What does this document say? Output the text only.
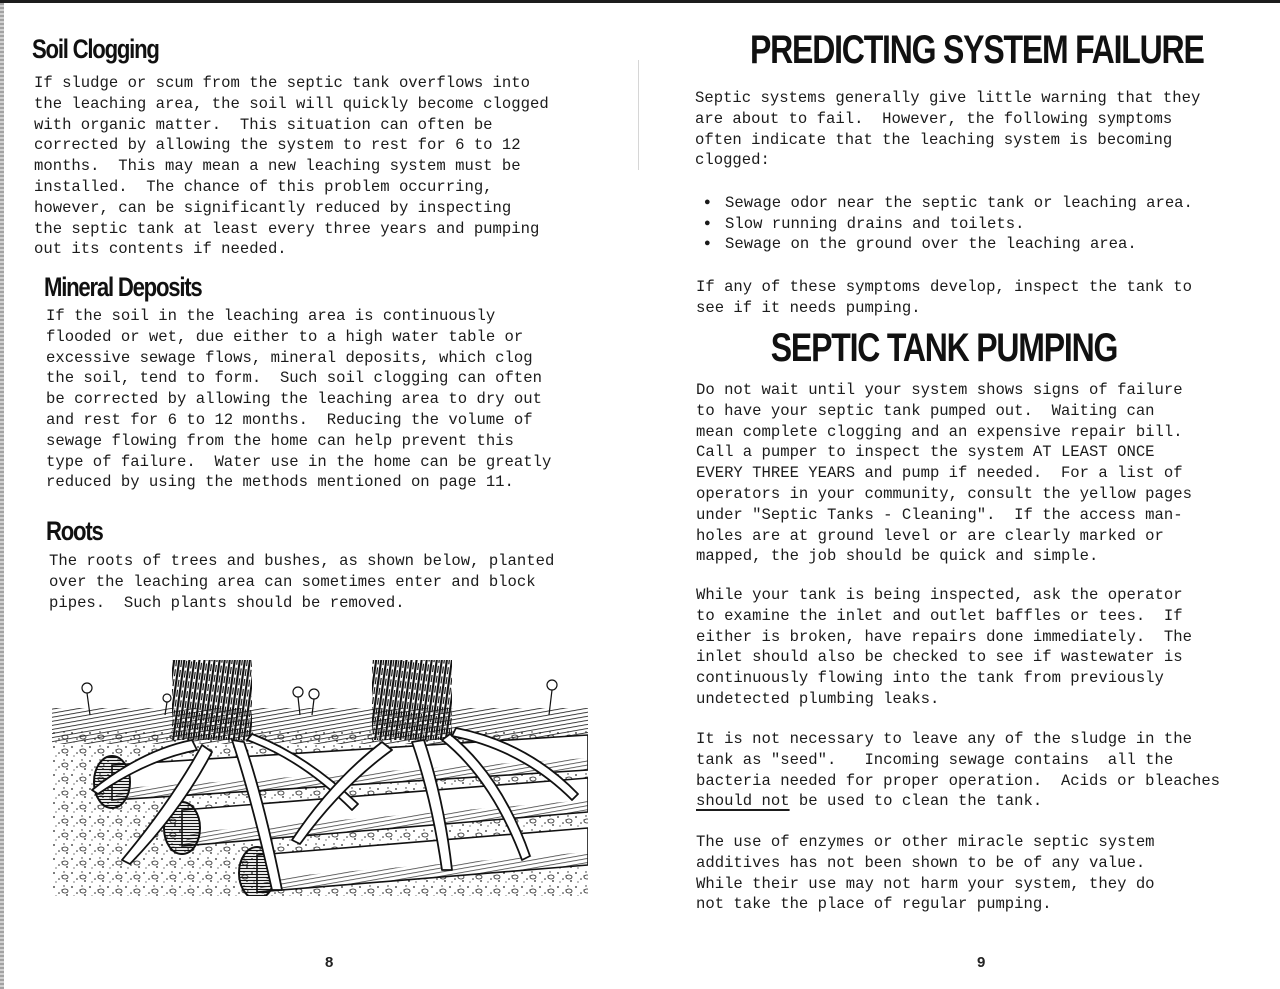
Soil Clogging

If sludge or scum from the septic tank overflows into

the leaching area, the soil will quickly become clogged

with organic matter.  This situation can often be

corrected by allowing the system to rest for 6 to 12

months.  This may mean a new leaching system must be

installed.  The chance of this problem occurring,

however, can be significantly reduced by inspecting

the septic tank at least every three years and pumping

out its contents if needed.

Mineral Deposits

If the soil in the leaching area is continuously

flooded or wet, due either to a high water table or

excessive sewage flows, mineral deposits, which clog

the soil, tend to form.  Such soil clogging can often

be corrected by allowing the leaching area to dry out

and rest for 6 to 12 months.  Reducing the volume of

sewage flowing from the home can help prevent this

type of failure.  Water use in the home can be greatly

reduced by using the methods mentioned on page 11.

Roots

The roots of trees and bushes, as shown below, planted

over the leaching area can sometimes enter and block

pipes.  Such plants should be removed.

8
PREDICTING SYSTEM FAILURE

Septic systems generally give little warning that they

are about to fail.  However, the following symptoms

often indicate that the leaching system is becoming

clogged:

● Sewage odor near the septic tank or leaching area.
● Slow running drains and toilets.
● Sewage on the ground over the leaching area.

If any of these symptoms develop, inspect the tank to

see if it needs pumping.

SEPTIC TANK PUMPING

Do not wait until your system shows signs of failure

to have your septic tank pumped out.  Waiting can

mean complete clogging and an expensive repair bill.

Call a pumper to inspect the system AT LEAST ONCE

EVERY THREE YEARS and pump if needed.  For a list of

operators in your community, consult the yellow pages

under "Septic Tanks - Cleaning".  If the access man-

holes are at ground level or are clearly marked or

mapped, the job should be quick and simple.

While your tank is being inspected, ask the operator

to examine the inlet and outlet baffles or tees.  If

either is broken, have repairs done immediately.  The

inlet should also be checked to see if wastewater is

continuously flowing into the tank from previously

undetected plumbing leaks.

It is not necessary to leave any of the sludge in the

tank as "seed".   Incoming sewage contains  all the

bacteria needed for proper operation.  Acids or bleaches

should not be used to clean the tank.

The use of enzymes or other miracle septic system

additives has not been shown to be of any value.

While their use may not harm your system, they do

not take the place of regular pumping.

9
